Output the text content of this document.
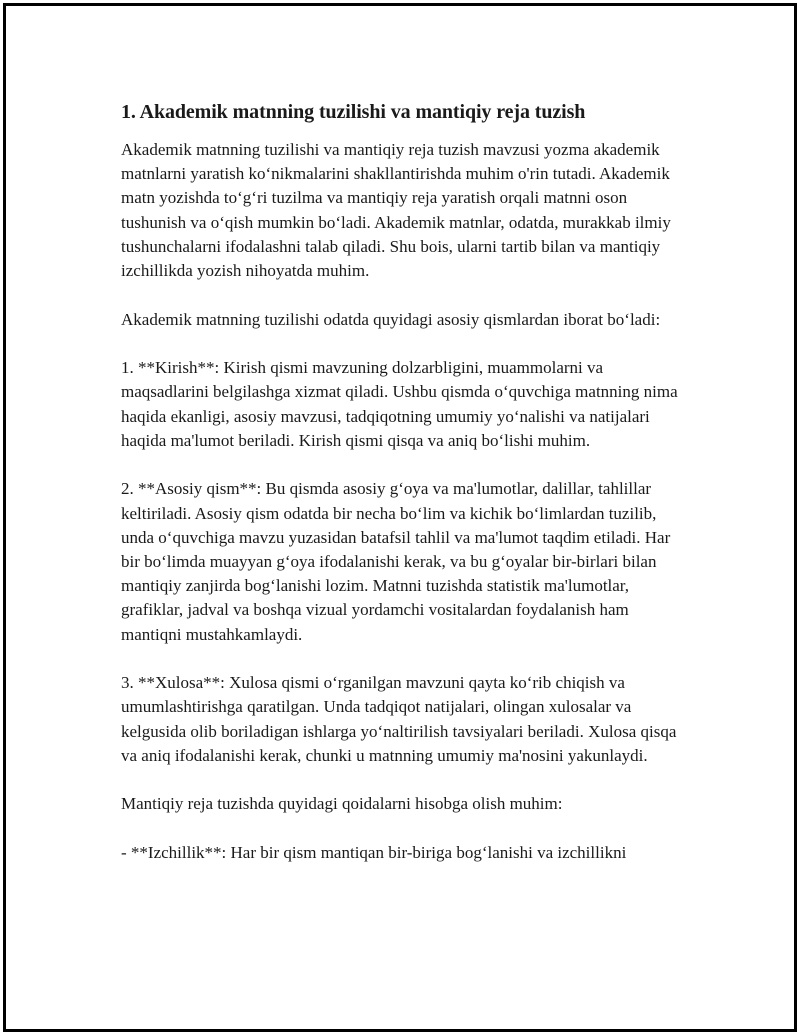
1. Akademik matnning tuzilishi va mantiqiy reja tuzish

Akademik matnning tuzilishi va mantiqiy reja tuzish mavzusi yozma akademik matnlarni yaratish ko‘nikmalarini shakllantirishda muhim o'rin tutadi. Akademik matn yozishda to‘g‘ri tuzilma va mantiqiy reja yaratish orqali matnni oson tushunish va o‘qish mumkin bo‘ladi. Akademik matnlar, odatda, murakkab ilmiy tushunchalarni ifodalashni talab qiladi. Shu bois, ularni tartib bilan va mantiqiy izchillikda yozish nihoyatda muhim.

Akademik matnning tuzilishi odatda quyidagi asosiy qismlardan iborat bo‘ladi:

1. **Kirish**: Kirish qismi mavzuning dolzarbligini, muammolarni va maqsadlarini belgilashga xizmat qiladi. Ushbu qismda o‘quvchiga matnning nima haqida ekanligi, asosiy mavzusi, tadqiqotning umumiy yo‘nalishi va natijalari haqida ma'lumot beriladi. Kirish qismi qisqa va aniq bo‘lishi muhim.

2. **Asosiy qism**: Bu qismda asosiy g‘oya va ma'lumotlar, dalillar, tahlillar keltiriladi. Asosiy qism odatda bir necha bo‘lim va kichik bo‘limlardan tuzilib, unda o‘quvchiga mavzu yuzasidan batafsil tahlil va ma'lumot taqdim etiladi. Har bir bo‘limda muayyan g‘oya ifodalanishi kerak, va bu g‘oyalar bir-birlari bilan mantiqiy zanjirda bog‘lanishi lozim. Matnni tuzishda statistik ma'lumotlar, grafiklar, jadval va boshqa vizual yordamchi vositalardan foydalanish ham mantiqni mustahkamlaydi.

3. **Xulosa**: Xulosa qismi o‘rganilgan mavzuni qayta ko‘rib chiqish va umumlashtirishga qaratilgan. Unda tadqiqot natijalari, olingan xulosalar va kelgusida olib boriladigan ishlarga yo‘naltirilish tavsiyalari beriladi. Xulosa qisqa va aniq ifodalanishi kerak, chunki u matnning umumiy ma'nosini yakunlaydi.

Mantiqiy reja tuzishda quyidagi qoidalarni hisobga olish muhim:

- **Izchillik**: Har bir qism mantiqan bir-biriga bog‘lanishi va izchillikni
